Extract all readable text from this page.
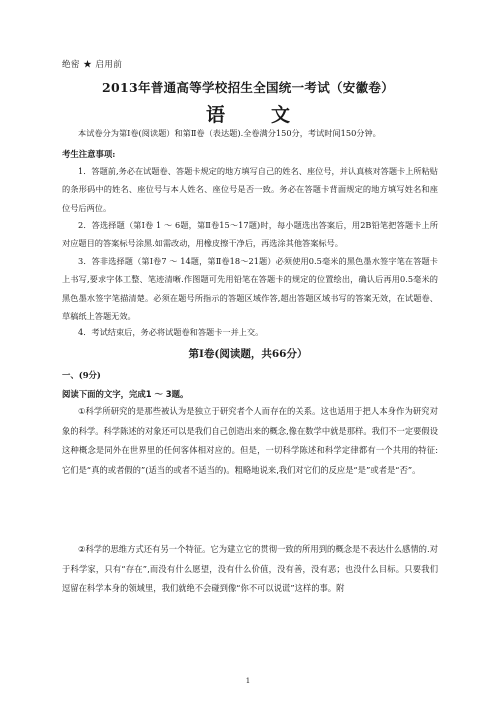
绝密 ★ 启用前
2013年普通高等学校招生全国统一考试（安徽卷）
语 文

本试卷分为第Ⅰ卷(阅读题）和第Ⅱ卷（表达题).全卷满分150分，考试时间150分钟。

考生注意事项:

1．答题前,务必在试题卷、答题卡规定的地方填写自己的姓名、座位号，并认真核对答题卡上所粘贴的条形码中的姓名、座位号与本人姓名、座位号是否一致。务必在答题卡背面规定的地方填写姓名和座位号后两位。

2．答选择题（第Ⅰ卷 1 ～ 6题，第Ⅱ卷15～17题)时，每小题选出答案后，用2B铅笔把答题卡上所对应题目的答案标号涂黑.如需改动，用橡皮擦干净后，再选涂其他答案标号。

3．答非选择题（第Ⅰ卷7 ～ 14题，第Ⅱ卷18～21题）必须使用0.5毫米的黑色墨水签字笔在答题卡上书写,要求字体工整、笔迹清晰.作图题可先用铅笔在答题卡的规定的位置绘出，确认后再用0.5毫米的黑色墨水签字笔描清楚。必须在题号所指示的答题区域作答,超出答题区域书写的答案无效，在试题卷、草稿纸上答题无效。

4．考试结束后，务必将试题卷和答题卡一并上交。

第Ⅰ卷(阅读题，共66分）
一、(9分)
阅读下面的文字，完成1 ～ 3题。

①科学所研究的是那些被认为是独立于研究者个人而存在的关系。这也适用于把人本身作为研究对象的科学。科学陈述的对象还可以是我们自己创造出来的概念,像在数学中就是那样。我们不一定要假设这种概念是同外在世界里的任何客体相对应的。但是，一切科学陈述和科学定律都有一个共用的特征:它们是“真的或者假的”(适当的或者不适当的)。粗略地说来,我们对它们的反应是“是”或者是“否”。

②科学的思维方式还有另一个特征。它为建立它的贯彻一致的所用到的概念是不表达什么感情的.对于科学家，只有“存在”,而没有什么愿望，没有什么价值，没有善，没有恶；也没什么目标。只要我们逗留在科学本身的领域里，我们就绝不会碰到像“你不可以说谎”这样的事。附

1
